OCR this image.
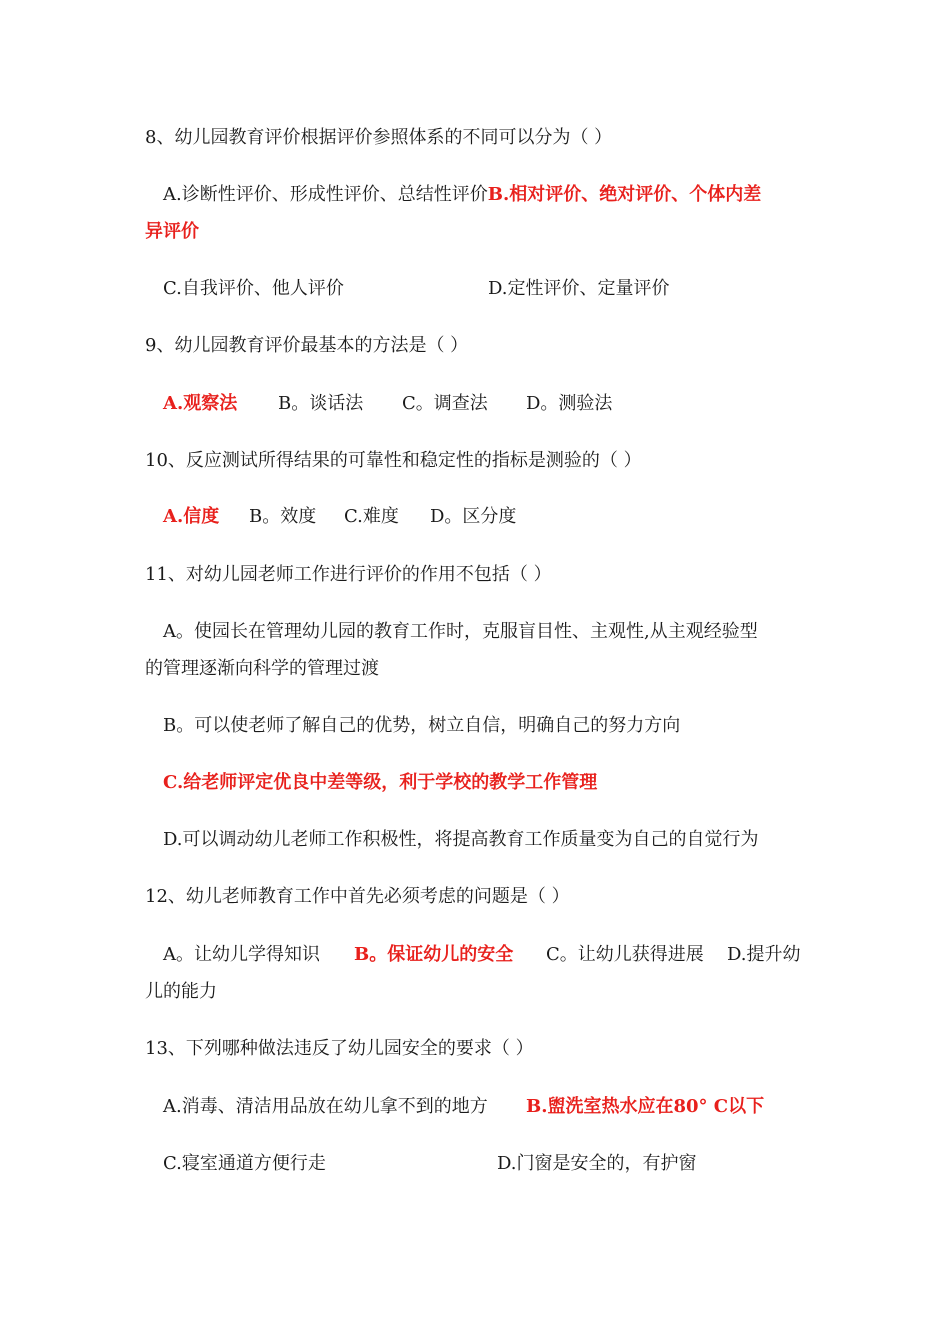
8、幼儿园教育评价根据评价参照体系的不同可以分为（ ）
A.诊断性评价、形成性评价、总结性评价B.相对评价、绝对评价、个体内差
异评价
C.自我评价、他人评价	D.定性评价、定量评价
9、幼儿园教育评价最基本的方法是（ ）
A.观察法 B。谈话法 C。调查法 D。测验法
10、反应测试所得结果的可靠性和稳定性的指标是测验的（ ）
A.信度 B。效度 C.难度 D。区分度
11、对幼儿园老师工作进行评价的作用不包括（ ）
A。使园长在管理幼儿园的教育工作时，克服盲目性、主观性,从主观经验型
的管理逐渐向科学的管理过渡
B。可以使老师了解自己的优势，树立自信，明确自己的努力方向
C.给老师评定优良中差等级，利于学校的教学工作管理
D.可以调动幼儿老师工作积极性，将提高教育工作质量变为自己的自觉行为
12、幼儿老师教育工作中首先必须考虑的问题是（ ）
A。让幼儿学得知识 B。保证幼儿的安全 C。让幼儿获得进展 D.提升幼
儿的能力
13、下列哪种做法违反了幼儿园安全的要求（ ）
A.消毒、清洁用品放在幼儿拿不到的地方 B.盥洗室热水应在80° C以下
C.寝室通道方便行走	D.门窗是安全的，有护窗
